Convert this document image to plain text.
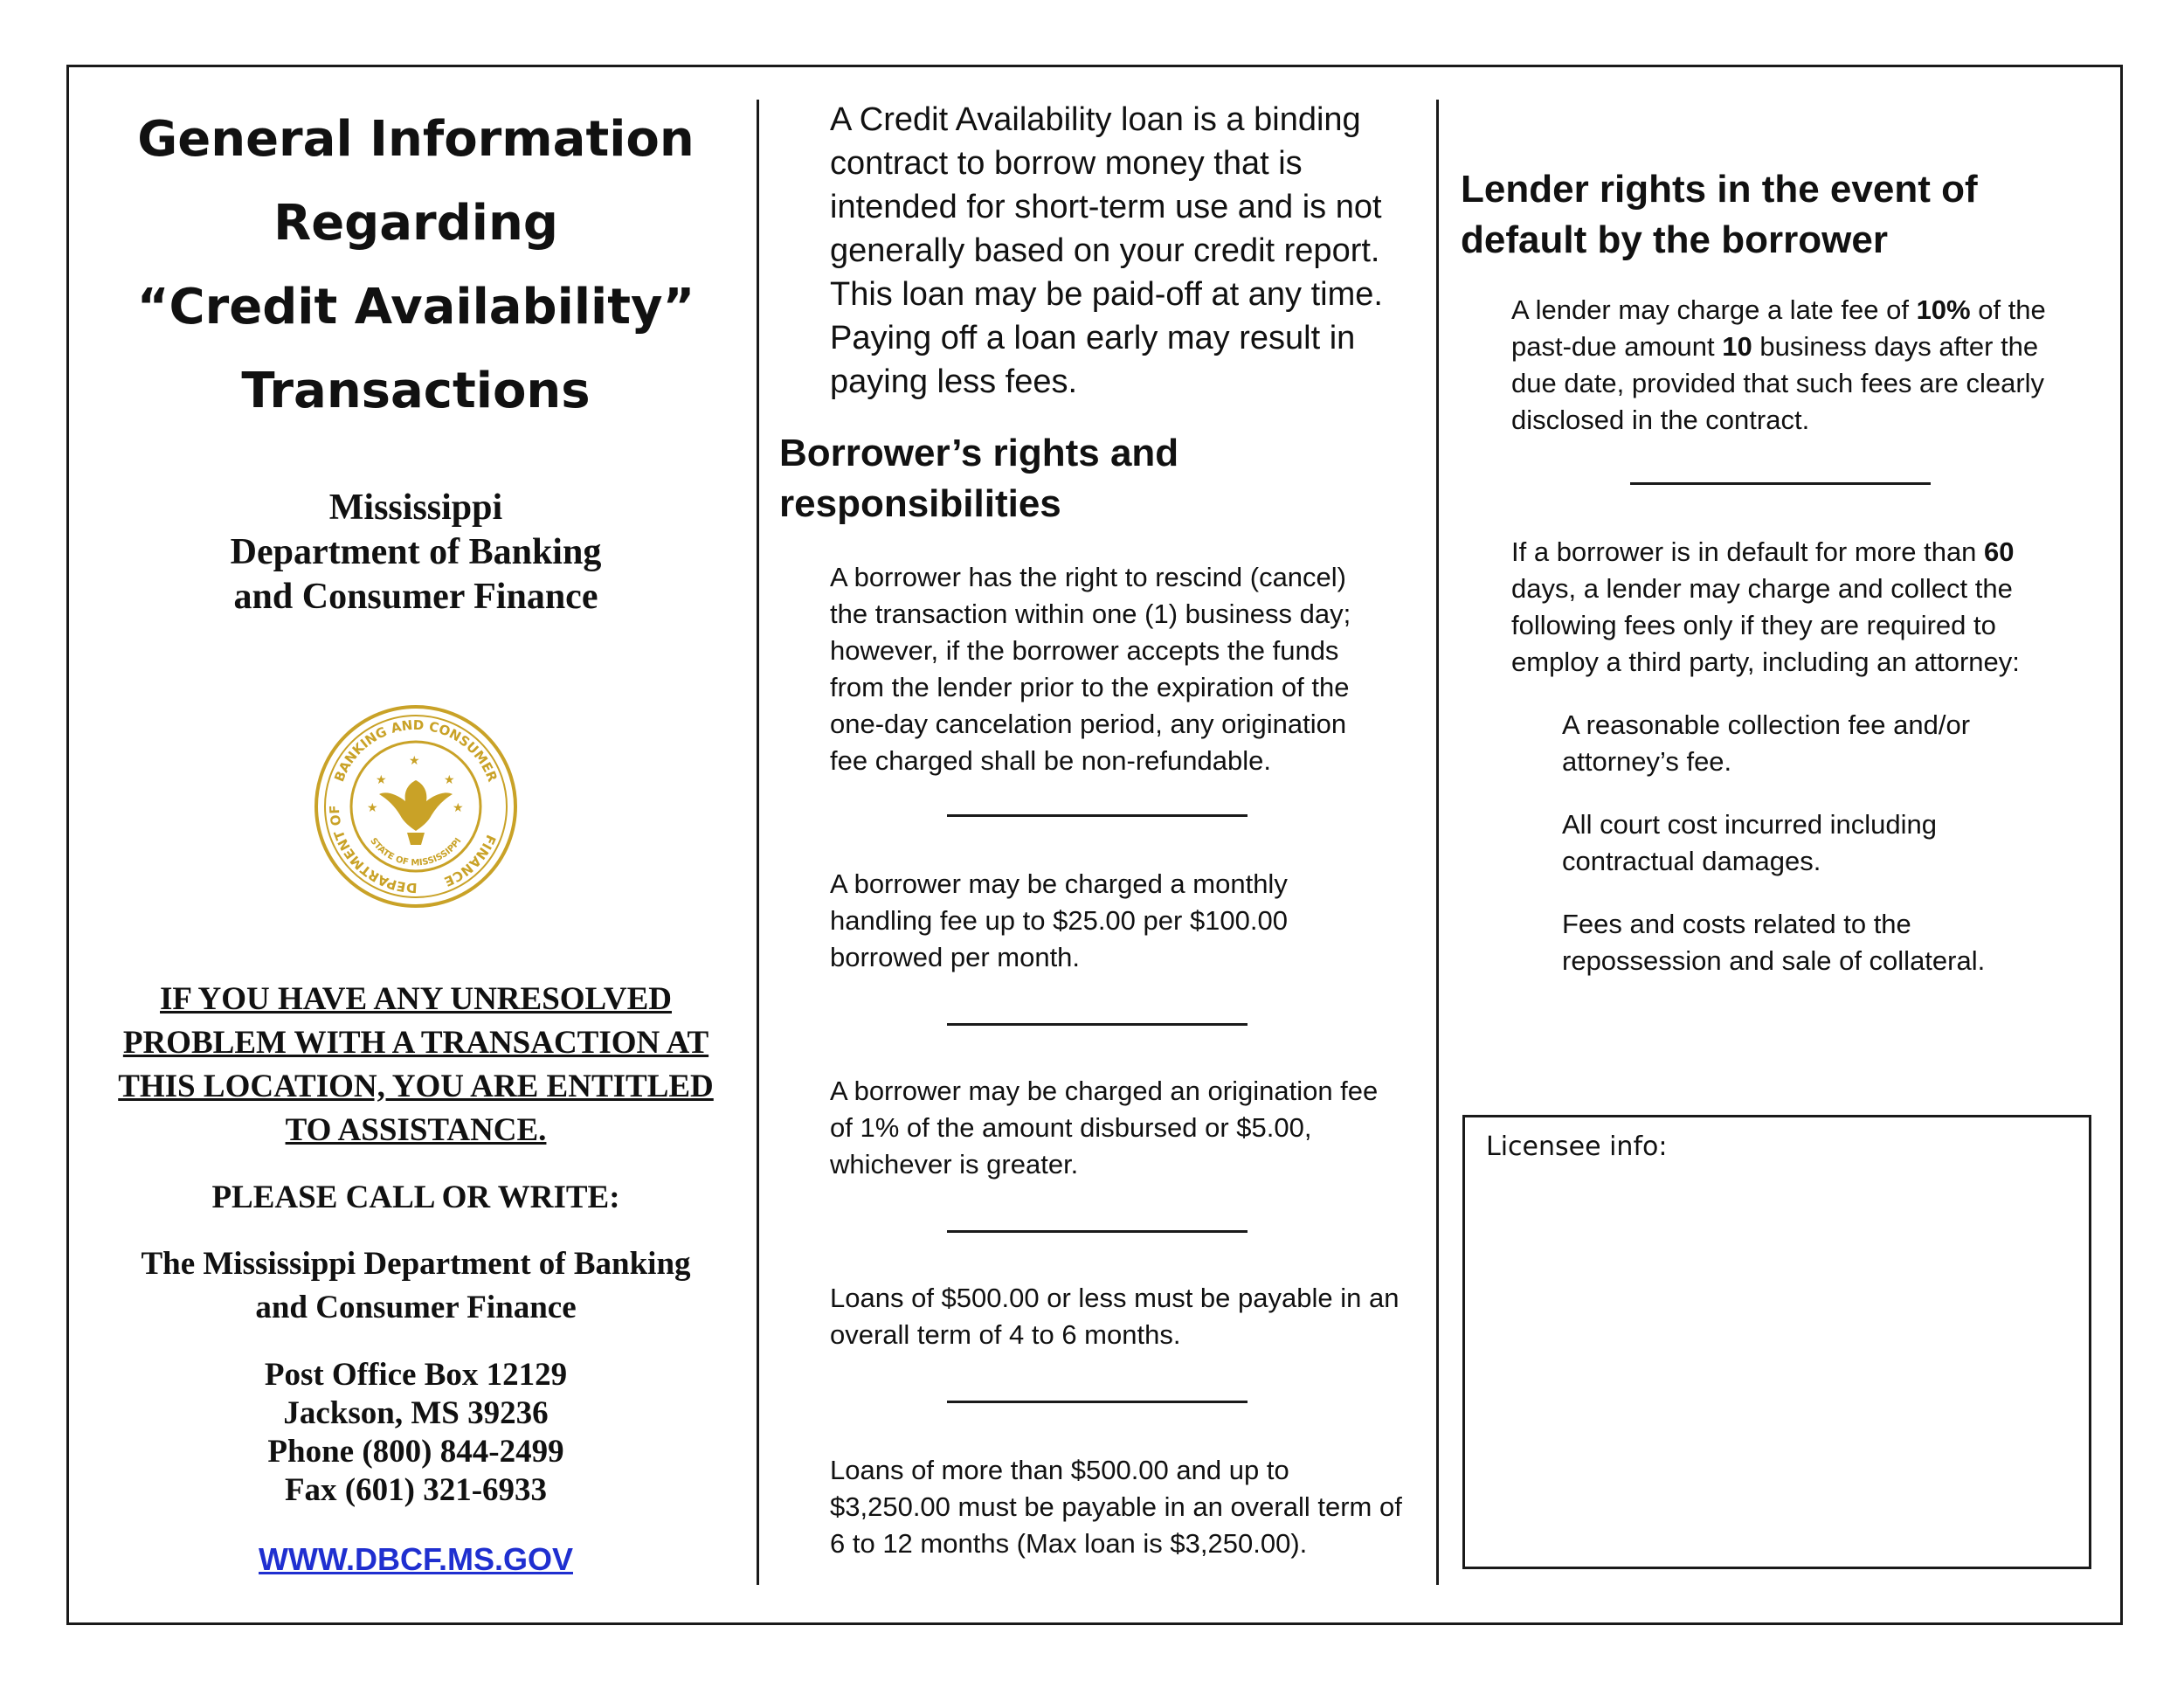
General Information
Regarding
“Credit Availability”
Transactions
Mississippi
Department of Banking
and Consumer Finance
BANKING AND CONSUMER
DEPARTMENT OF
FINANCE
STATE OF MISSISSIPPI
★	★
★	★
★
IF YOU HAVE ANY UNRESOLVED
PROBLEM WITH A TRANSACTION AT
THIS LOCATION, YOU ARE ENTITLED
TO ASSISTANCE.
PLEASE CALL OR WRITE:
The Mississippi Department of Banking
and Consumer Finance
Post Office Box 12129
Jackson, MS 39236
Phone (800) 844-2499
Fax (601) 321-6933
WWW.DBCF.MS.GOV

A Credit Availability loan is a binding contract to borrow money that is intended for short-term use and is not generally based on your credit report. This loan may be paid-off at any time. Paying off a loan early may result in paying less fees.

Borrower’s rights and responsibilities

A borrower has the right to rescind (cancel) the transaction within one (1) business day; however, if the borrower accepts the funds from the lender prior to the expiration of the one-day cancelation period, any origination fee charged shall be non-refundable.

A borrower may be charged a monthly handling fee up to $25.00 per $100.00 borrowed per month.

A borrower may be charged an origination fee of 1% of the amount disbursed or $5.00, whichever is greater.

Loans of $500.00 or less must be payable in an overall term of 4 to 6 months.

Loans of more than $500.00 and up to $3,250.00 must be payable in an overall term of 6 to 12 months (Max loan is $3,250.00).

Lender rights in the event of default by the borrower

A lender may charge a late fee of 10% of the past-due amount 10 business days after the due date, provided that such fees are clearly disclosed in the contract.

If a borrower is in default for more than 60 days, a lender may charge and collect the following fees only if they are required to employ a third party, including an attorney:

A reasonable collection fee and/or attorney’s fee.

All court cost incurred including contractual damages.

Fees and costs related to the repossession and sale of collateral.

Licensee info:
